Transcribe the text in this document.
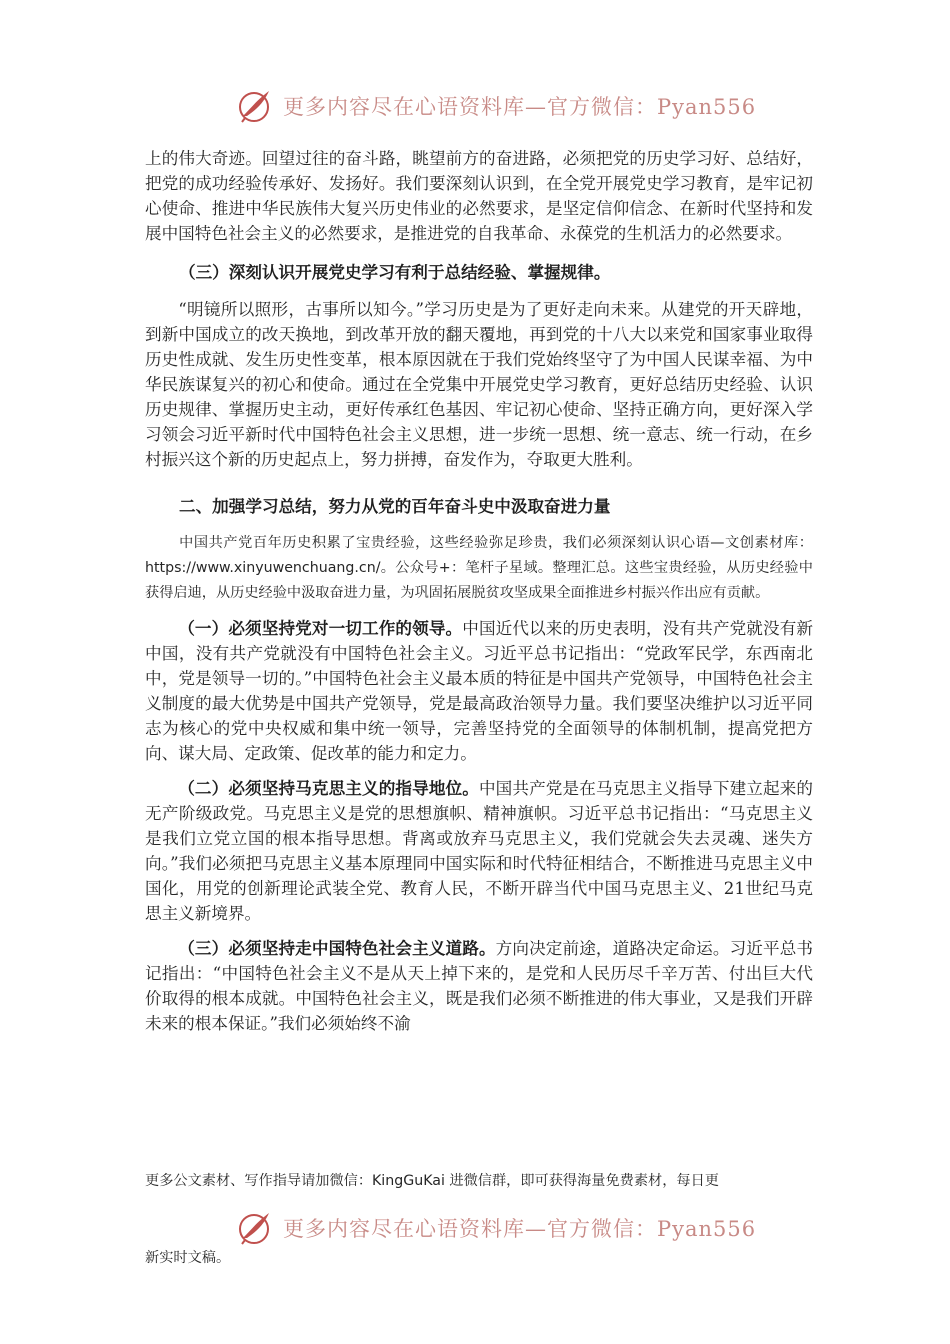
更多内容尽在心语资料库—官方微信：Pyan556

上的伟大奇迹。回望过往的奋斗路，眺望前方的奋进路，必须把党的历史学习好、总结好，把党的成功经验传承好、发扬好。我们要深刻认识到，在全党开展党史学习教育，是牢记初心使命、推进中华民族伟大复兴历史伟业的必然要求，是坚定信仰信念、在新时代坚持和发展中国特色社会主义的必然要求，是推进党的自我革命、永葆党的生机活力的必然要求。

（三）深刻认识开展党史学习有利于总结经验、掌握规律。

“明镜所以照形，古事所以知今。”学习历史是为了更好走向未来。从建党的开天辟地，到新中国成立的改天换地，到改革开放的翻天覆地，再到党的十八大以来党和国家事业取得历史性成就、发生历史性变革，根本原因就在于我们党始终坚守了为中国人民谋幸福、为中华民族谋复兴的初心和使命。通过在全党集中开展党史学习教育，更好总结历史经验、认识历史规律、掌握历史主动，更好传承红色基因、牢记初心使命、坚持正确方向，更好深入学习领会习近平新时代中国特色社会主义思想，进一步统一思想、统一意志、统一行动，在乡村振兴这个新的历史起点上，努力拼搏，奋发作为，夺取更大胜利。

二、加强学习总结，努力从党的百年奋斗史中汲取奋进力量

中国共产党百年历史积累了宝贵经验，这些经验弥足珍贵，我们必须深刻认识心语—文创素材库：https://www.xinyuwenchuang.cn/。公众号+：笔杆子星域。整理汇总。这些宝贵经验，从历史经验中获得启迪，从历史经验中汲取奋进力量，为巩固拓展脱贫攻坚成果全面推进乡村振兴作出应有贡献。

（一）必须坚持党对一切工作的领导。中国近代以来的历史表明，没有共产党就没有新中国，没有共产党就没有中国特色社会主义。习近平总书记指出：“党政军民学，东西南北中，党是领导一切的。”中国特色社会主义最本质的特征是中国共产党领导，中国特色社会主义制度的最大优势是中国共产党领导，党是最高政治领导力量。我们要坚决维护以习近平同志为核心的党中央权威和集中统一领导，完善坚持党的全面领导的体制机制，提高党把方向、谋大局、定政策、促改革的能力和定力。

（二）必须坚持马克思主义的指导地位。中国共产党是在马克思主义指导下建立起来的无产阶级政党。马克思主义是党的思想旗帜、精神旗帜。习近平总书记指出：“马克思主义是我们立党立国的根本指导思想。背离或放弃马克思主义，我们党就会失去灵魂、迷失方向。”我们必须把马克思主义基本原理同中国实际和时代特征相结合，不断推进马克思主义中国化，用党的创新理论武装全党、教育人民，不断开辟当代中国马克思主义、21世纪马克思主义新境界。

（三）必须坚持走中国特色社会主义道路。方向决定前途，道路决定命运。习近平总书记指出：“中国特色社会主义不是从天上掉下来的，是党和人民历尽千辛万苦、付出巨大代价取得的根本成就。中国特色社会主义，既是我们必须不断推进的伟大事业，又是我们开辟未来的根本保证。”我们必须始终不渝

更多公文素材、写作指导请加微信：KingGuKai 进微信群，即可获得海量免费素材，每日更
更多内容尽在心语资料库—官方微信：Pyan556
新实时文稿。
